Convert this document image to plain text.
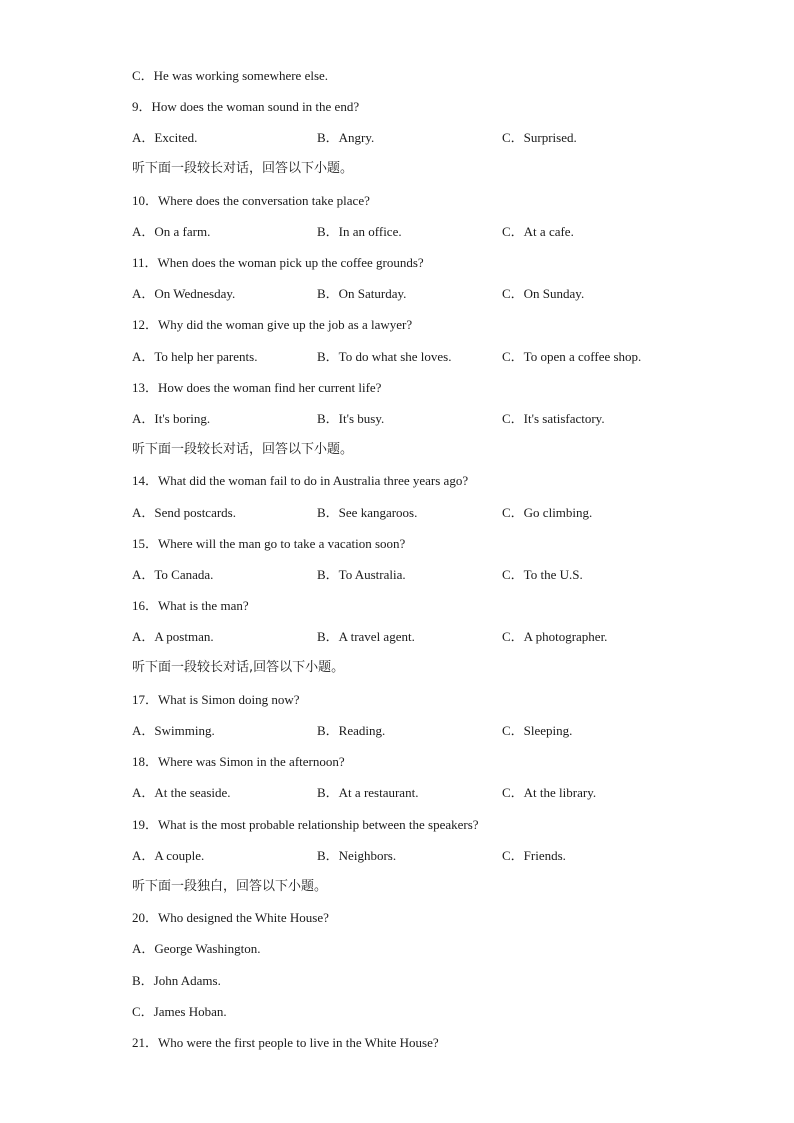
C．He was working somewhere else.
9．How does the woman sound in the end?
A．Excited.	B．Angry.	C．Surprised.
听下面一段较长对话，回答以下小题。
10．Where does the conversation take place?
A．On a farm.	B．In an office.	C．At a cafe.
11．When does the woman pick up the coffee grounds?
A．On Wednesday.	B．On Saturday.	C．On Sunday.
12．Why did the woman give up the job as a lawyer?
A．To help her parents.	B．To do what she loves.	C．To open a coffee shop.
13．How does the woman find her current life?
A．It's boring.	B．It's busy.	C．It's satisfactory.
听下面一段较长对话，回答以下小题。
14．What did the woman fail to do in Australia three years ago?
A．Send postcards.	B．See kangaroos.	C．Go climbing.
15．Where will the man go to take a vacation soon?
A．To Canada.	B．To Australia.	C．To the U.S.
16．What is the man?
A．A postman.	B．A travel agent.	C．A photographer.
听下面一段较长对话,回答以下小题。
17．What is Simon doing now?
A．Swimming.	B．Reading.	C．Sleeping.
18．Where was Simon in the afternoon?
A．At the seaside.	B．At a restaurant.	C．At the library.
19．What is the most probable relationship between the speakers?
A．A couple.	B．Neighbors.	C．Friends.
听下面一段独白，回答以下小题。
20．Who designed the White House?
A．George Washington.
B．John Adams.
C．James Hoban.
21．Who were the first people to live in the White House?
